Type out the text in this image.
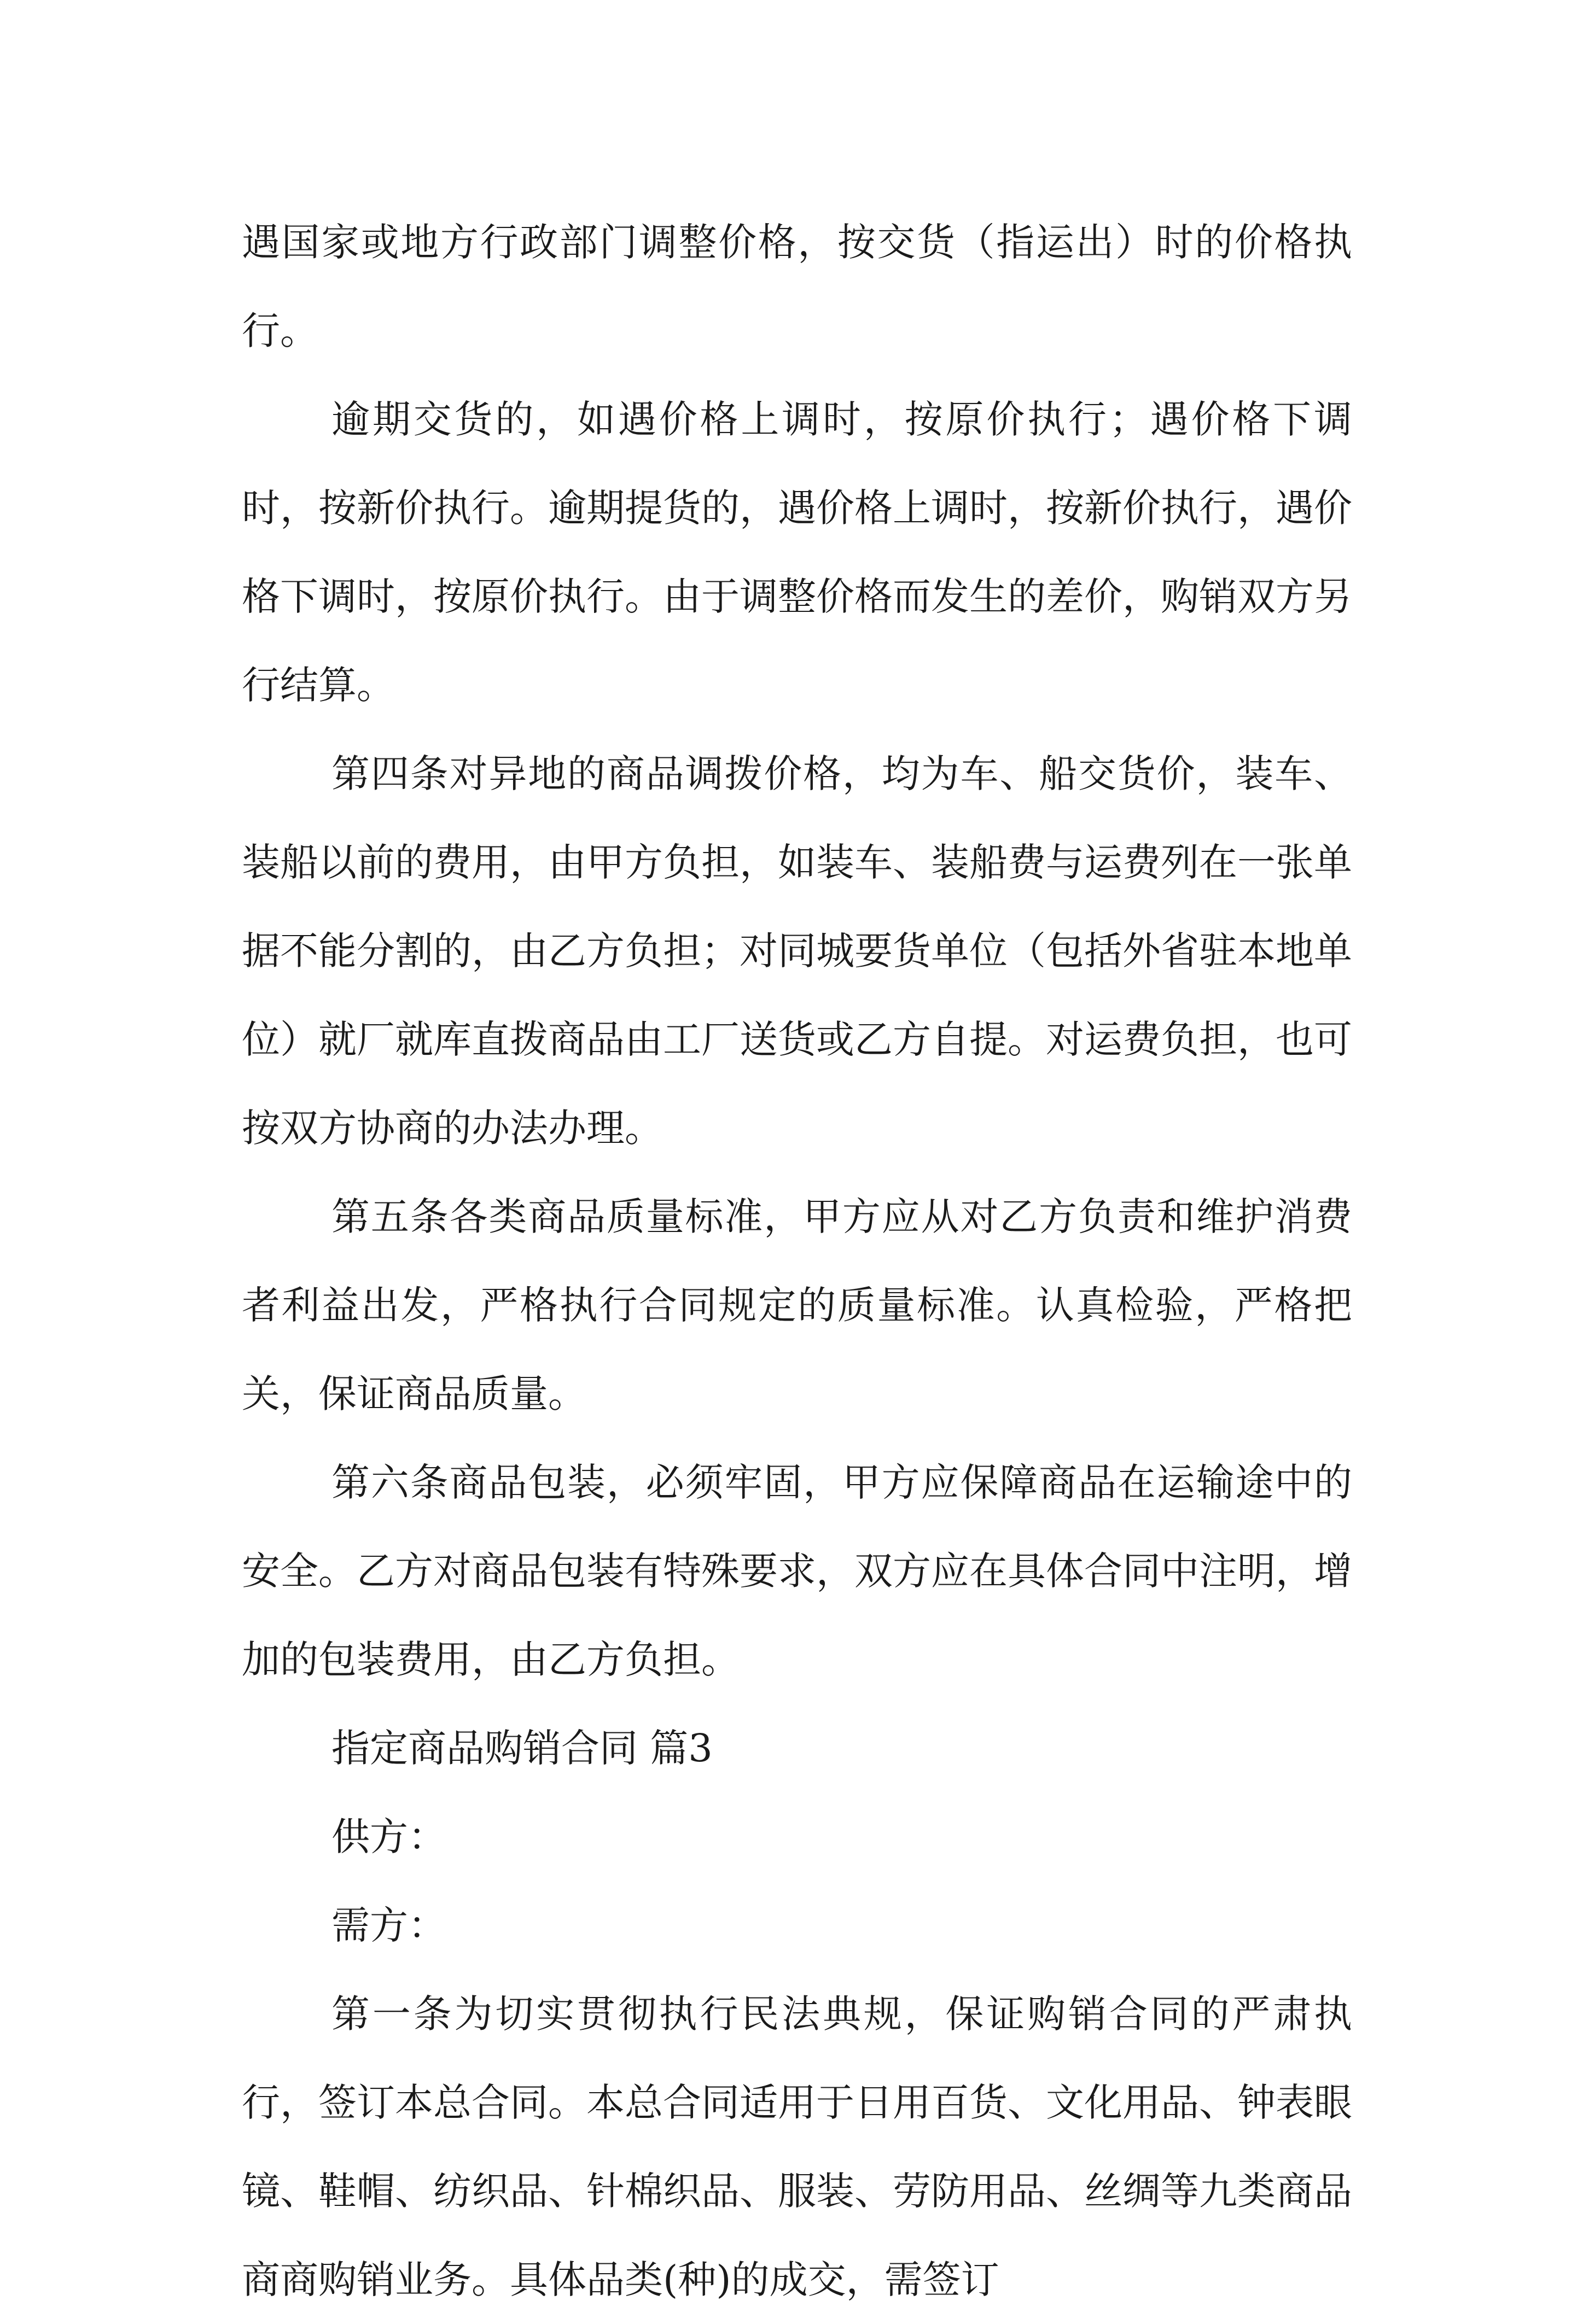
遇国家或地方行政部门调整价格，按交货（指运出）时的价格执行。

逾期交货的，如遇价格上调时，按原价执行；遇价格下调时，按新价执行。逾期提货的，遇价格上调时，按新价执行，遇价格下调时，按原价执行。由于调整价格而发生的差价，购销双方另行结算。

第四条对异地的商品调拨价格，均为车、船交货价，装车、装船以前的费用，由甲方负担，如装车、装船费与运费列在一张单据不能分割的，由乙方负担；对同城要货单位（包括外省驻本地单位）就厂就库直拨商品由工厂送货或乙方自提。对运费负担，也可按双方协商的办法办理。

第五条各类商品质量标准，甲方应从对乙方负责和维护消费者利益出发，严格执行合同规定的质量标准。认真检验，严格把关，保证商品质量。

第六条商品包装，必须牢固，甲方应保障商品在运输途中的安全。乙方对商品包装有特殊要求，双方应在具体合同中注明，增加的包装费用，由乙方负担。

指定商品购销合同 篇3

供方：

需方：

第一条为切实贯彻执行民法典规，保证购销合同的严肃执行，签订本总合同。本总合同适用于日用百货、文化用品、钟表眼镜、鞋帽、纺织品、针棉织品、服装、劳防用品、丝绸等九类商品商商购销业务。具体品类(种)的成交，需签订
